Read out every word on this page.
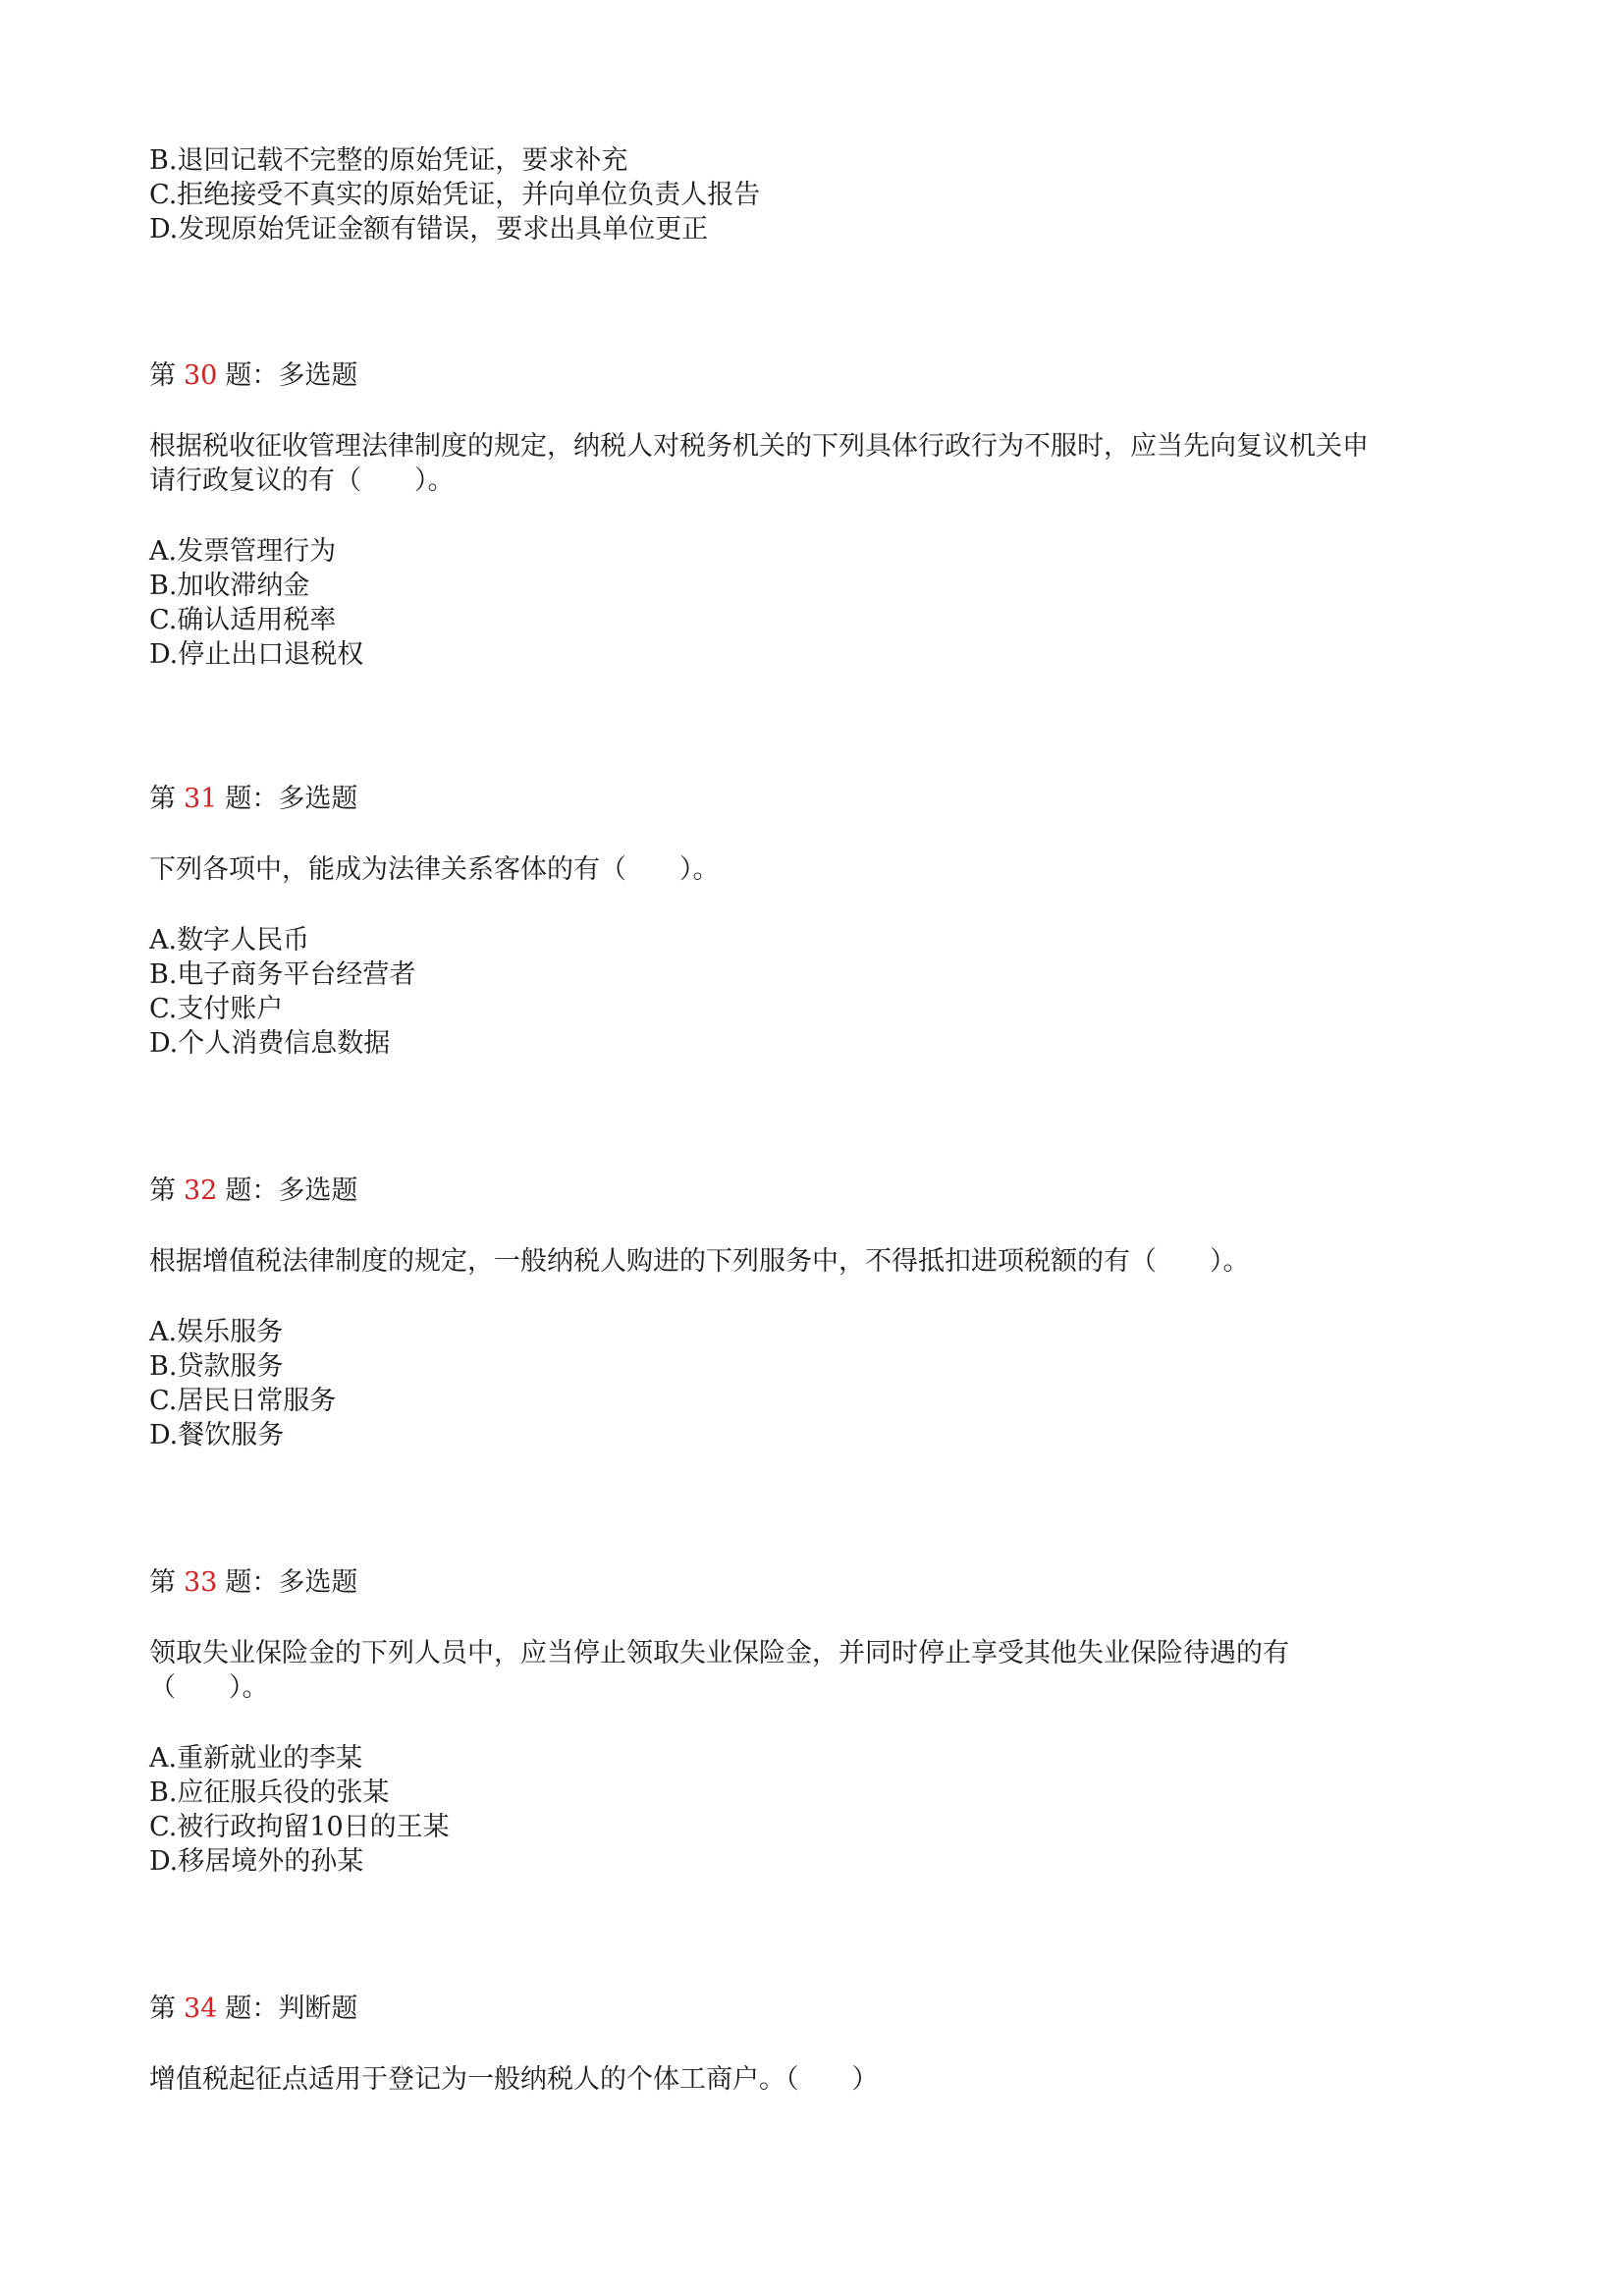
B.退回记载不完整的原始凭证，要求补充
C.拒绝接受不真实的原始凭证，并向单位负责人报告
D.发现原始凭证金额有错误，要求出具单位更正
第 30 题：多选题
根据税收征收管理法律制度的规定，纳税人对税务机关的下列具体行政行为不服时，应当先向复议机关申
请行政复议的有（　　）。
A.发票管理行为
B.加收滞纳金
C.确认适用税率
D.停止出口退税权
第 31 题：多选题
下列各项中，能成为法律关系客体的有（　　）。
A.数字人民币
B.电子商务平台经营者
C.支付账户
D.个人消费信息数据
第 32 题：多选题
根据增值税法律制度的规定，一般纳税人购进的下列服务中，不得抵扣进项税额的有（　　）。
A.娱乐服务
B.贷款服务
C.居民日常服务
D.餐饮服务
第 33 题：多选题
领取失业保险金的下列人员中，应当停止领取失业保险金，并同时停止享受其他失业保险待遇的有
（　　）。
A.重新就业的李某
B.应征服兵役的张某
C.被行政拘留10日的王某
D.移居境外的孙某
第 34 题：判断题
增值税起征点适用于登记为一般纳税人的个体工商户。（　　）
